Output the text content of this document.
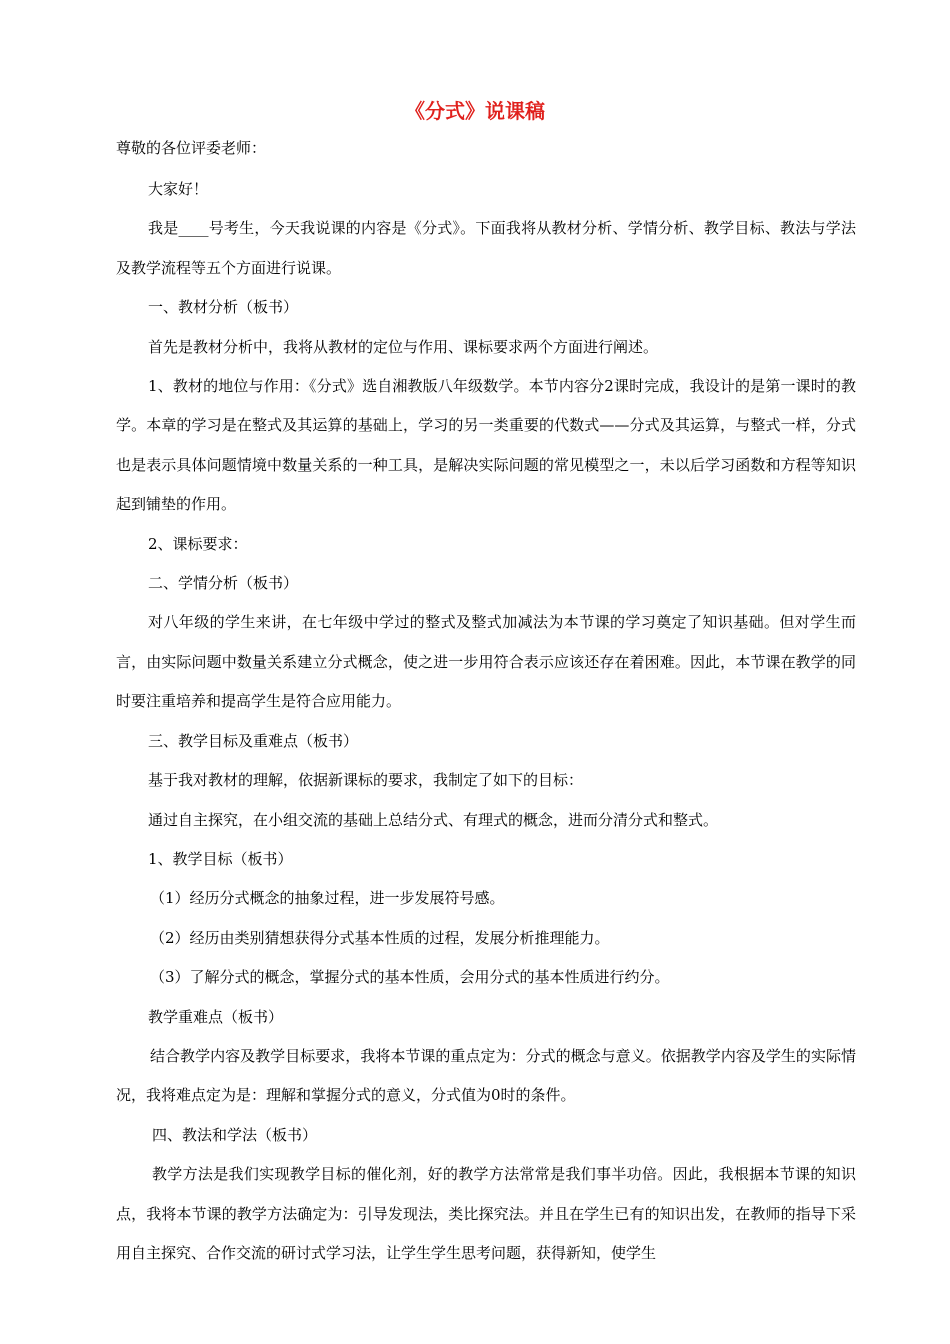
《分式》说课稿

尊敬的各位评委老师：

大家好！

我是____号考生，今天我说课的内容是《分式》。下面我将从教材分析、学情分析、教学目标、教法与学法及教学流程等五个方面进行说课。

一、教材分析（板书）

首先是教材分析中，我将从教材的定位与作用、课标要求两个方面进行阐述。

1、教材的地位与作用：《分式》选自湘教版八年级数学。本节内容分2课时完成，我设计的是第一课时的教学。本章的学习是在整式及其运算的基础上，学习的另一类重要的代数式——分式及其运算，与整式一样，分式也是表示具体问题情境中数量关系的一种工具，是解决实际问题的常见模型之一，未以后学习函数和方程等知识起到铺垫的作用。

2、课标要求：

二、学情分析（板书）

对八年级的学生来讲，在七年级中学过的整式及整式加减法为本节课的学习奠定了知识基础。但对学生而言，由实际问题中数量关系建立分式概念，使之进一步用符合表示应该还存在着困难。因此，本节课在教学的同时要注重培养和提高学生是符合应用能力。

三、教学目标及重难点（板书）

基于我对教材的理解，依据新课标的要求，我制定了如下的目标：

通过自主探究，在小组交流的基础上总结分式、有理式的概念，进而分清分式和整式。

1、教学目标（板书）

（1）经历分式概念的抽象过程，进一步发展符号感。

（2）经历由类别猜想获得分式基本性质的过程，发展分析推理能力。

（3）了解分式的概念，掌握分式的基本性质，会用分式的基本性质进行约分。

教学重难点（板书）

结合教学内容及教学目标要求，我将本节课的重点定为：分式的概念与意义。依据教学内容及学生的实际情况，我将难点定为是：理解和掌握分式的意义，分式值为0时的条件。

四、教法和学法（板书）

教学方法是我们实现教学目标的催化剂，好的教学方法常常是我们事半功倍。因此，我根据本节课的知识点，我将本节课的教学方法确定为：引导发现法，类比探究法。并且在学生已有的知识出发，在教师的指导下采用自主探究、合作交流的研讨式学习法，让学生学生思考问题，获得新知，使学生
